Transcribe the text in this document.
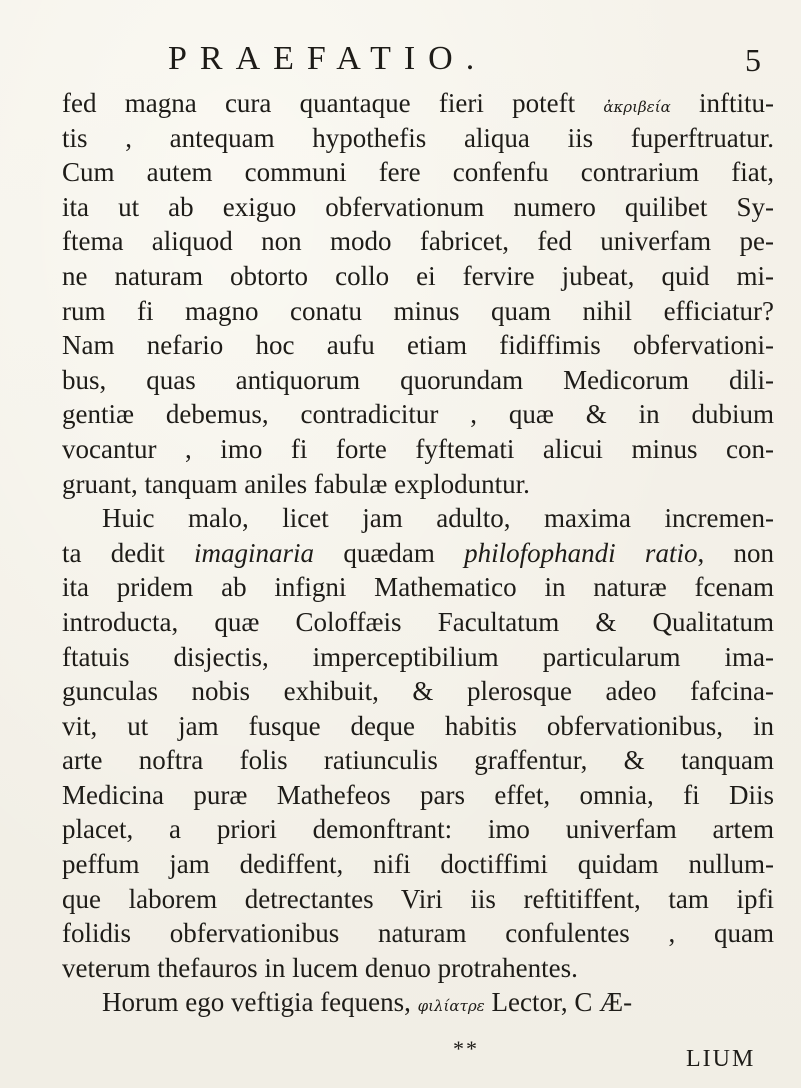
PRAEFATIO.	5
fed magna cura quantaque fieri poteft ἀκριβεία inftitu-
tis , antequam hypothefis aliqua iis fuperftruatur.
Cum autem communi fere confenfu contrarium fiat,
ita ut ab exiguo obfervationum numero quilibet Sy-
ftema aliquod non modo fabricet, fed univerfam pe-
ne naturam obtorto collo ei fervire jubeat, quid mi-
rum fi magno conatu minus quam nihil efficiatur?
Nam nefario hoc aufu etiam fidiffimis obfervationi-
bus, quas antiquorum quorundam Medicorum dili-
gentiæ debemus, contradicitur , quæ & in dubium
vocantur , imo fi forte fyftemati alicui minus con-
gruant, tanquam aniles fabulæ exploduntur.
Huic malo, licet jam adulto, maxima incremen-
ta dedit imaginaria quædam philofophandi ratio, non
ita pridem ab infigni Mathematico in naturæ fcenam
introducta, quæ Coloffæis Facultatum & Qualitatum
ftatuis disjectis, imperceptibilium particularum ima-
gunculas nobis exhibuit, & plerosque adeo fafcina-
vit, ut jam fusque deque habitis obfervationibus, in
arte noftra folis ratiunculis graffentur, & tanquam
Medicina puræ Mathefeos pars effet, omnia, fi Diis
placet, a priori demonftrant: imo univerfam artem
peffum jam dediffent, nifi doctiffimi quidam nullum-
que laborem detrectantes Viri iis reftitiffent, tam ipfi
folidis obfervationibus naturam confulentes , quam
veterum thefauros in lucem denuo protrahentes.
Horum ego veftigia fequens, φιλίατρε Lector, C Æ-
**	LIUM
